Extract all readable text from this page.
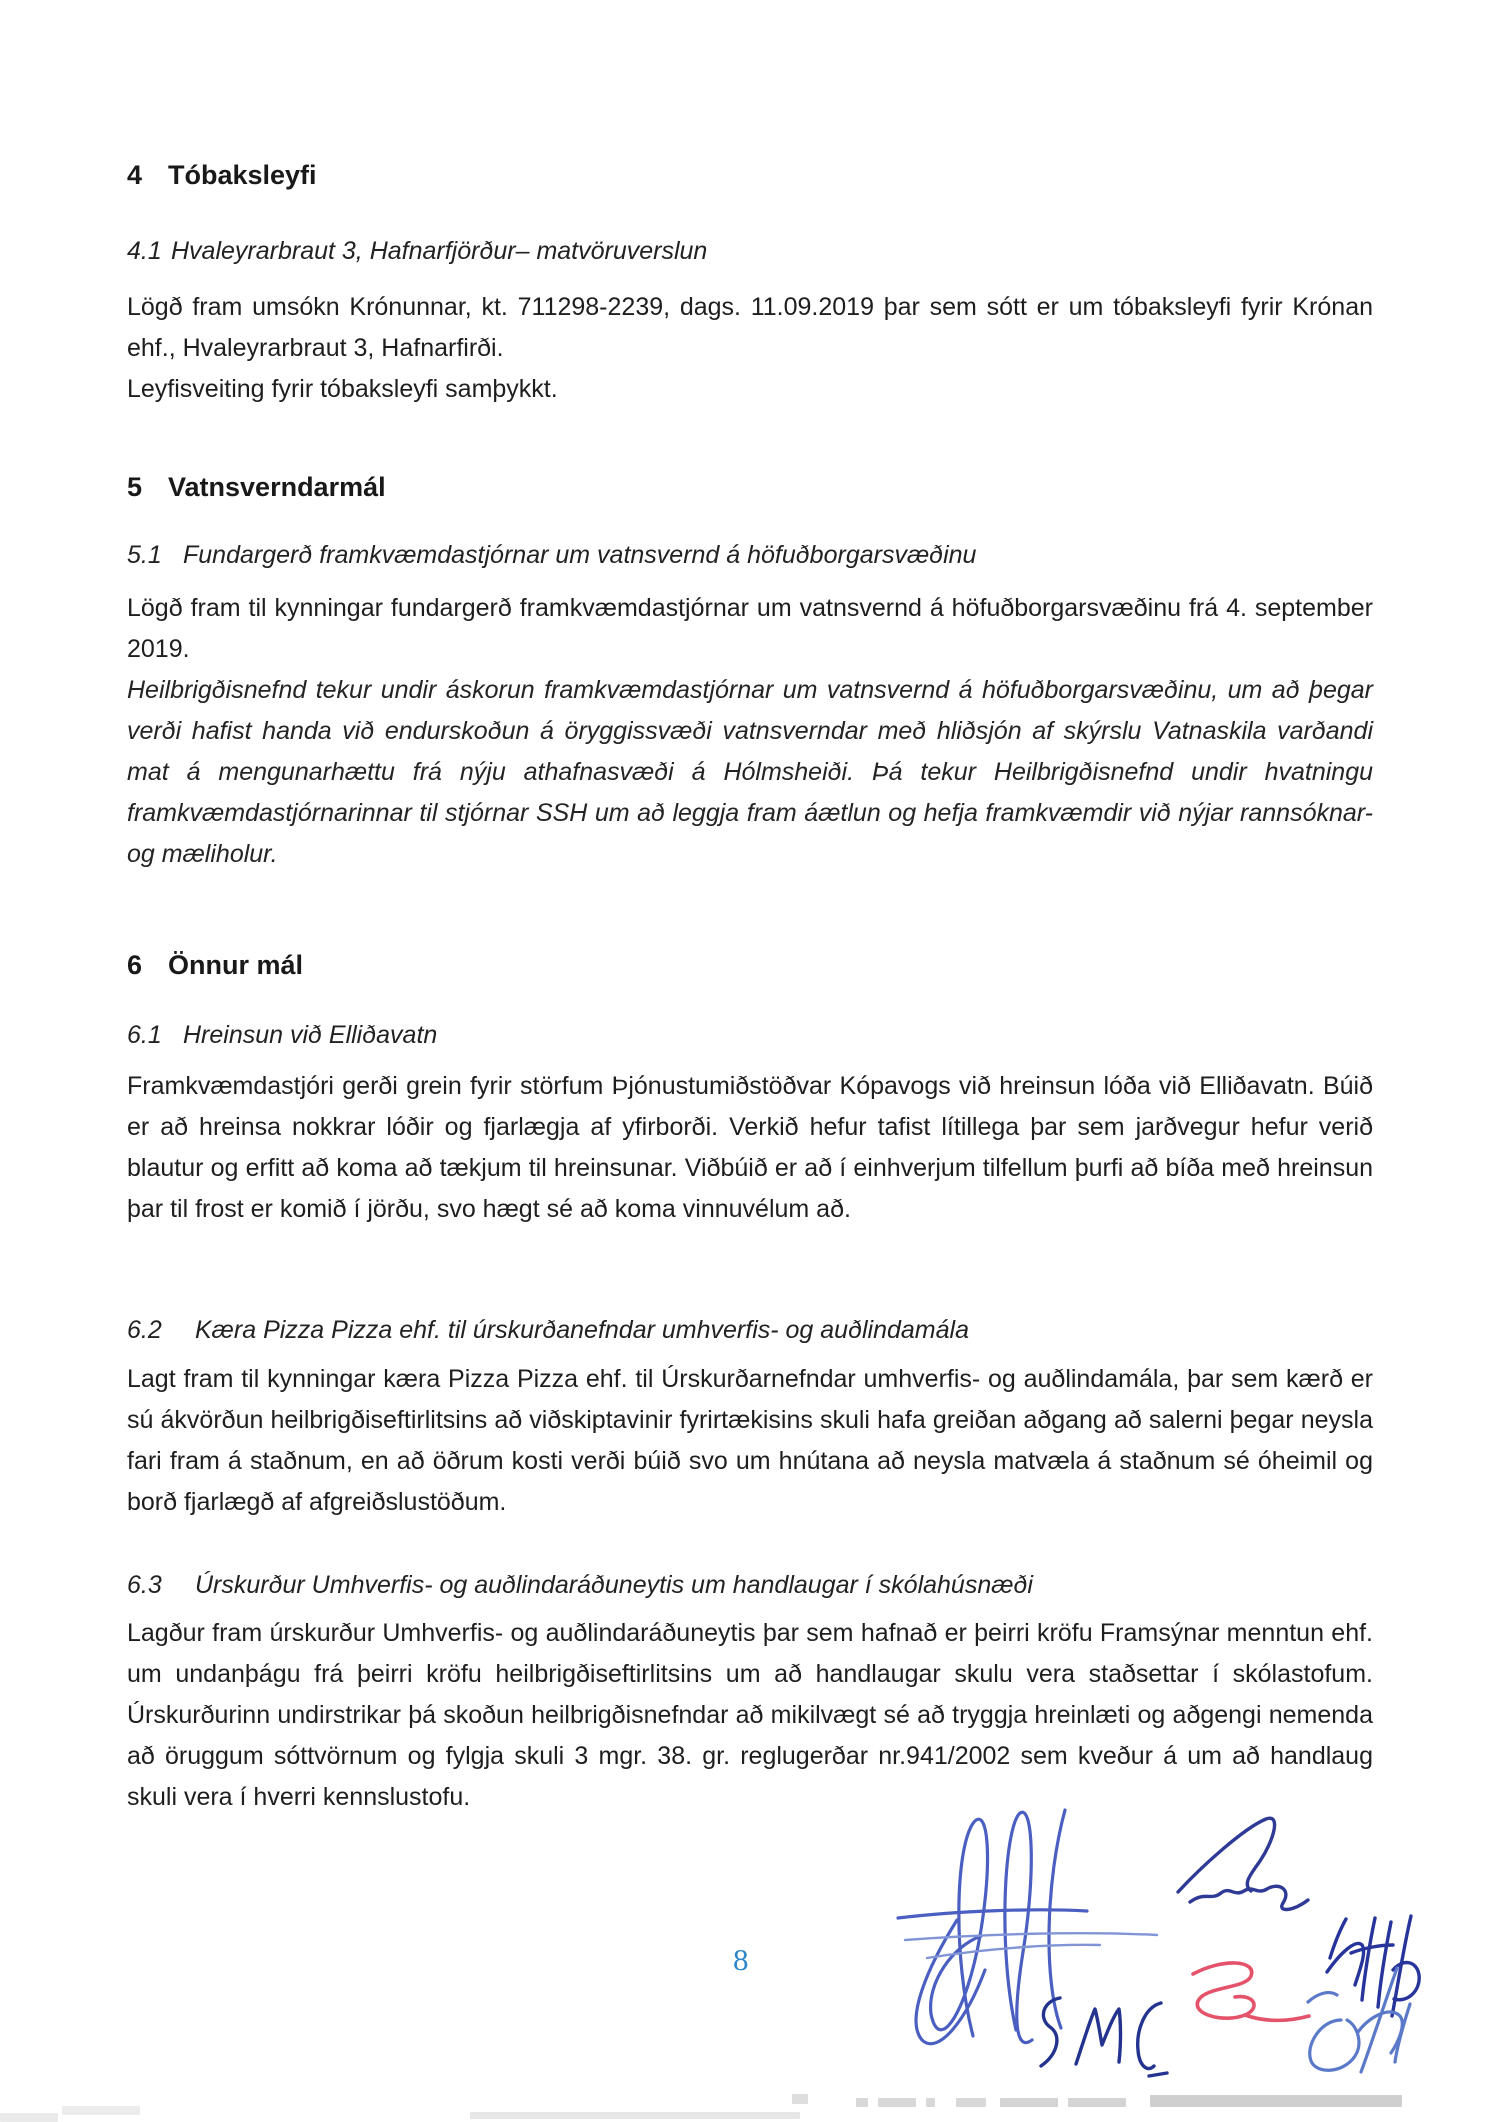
4 Tóbaksleyfi
4.1 Hvaleyrarbraut 3, Hafnarfjörður– matvöruverslun

Lögð fram umsókn Krónunnar, kt. 711298-2239, dags. 11.09.2019 þar sem sótt er um tóbaksleyfi fyrir Krónan ehf., Hvaleyrarbraut 3, Hafnarfirði.

Leyfisveiting fyrir tóbaksleyfi samþykkt.

5 Vatnsverndarmál
5.1 Fundargerð framkvæmdastjórnar um vatnsvernd á höfuðborgarsvæðinu

Lögð fram til kynningar fundargerð framkvæmdastjórnar um vatnsvernd á höfuðborgarsvæðinu frá 4. september 2019.

Heilbrigðisnefnd tekur undir áskorun framkvæmdastjórnar um vatnsvernd á höfuðborgarsvæðinu, um að þegar verði hafist handa við endurskoðun á öryggissvæði vatnsverndar með hliðsjón af skýrslu Vatnaskila varðandi mat á mengunarhættu frá nýju athafnasvæði á Hólmsheiði. Þá tekur Heilbrigðisnefnd undir hvatningu framkvæmdastjórnarinnar til stjórnar SSH um að leggja fram áætlun og hefja framkvæmdir við nýjar rannsóknar- og mæliholur.

6 Önnur mál
6.1 Hreinsun við Elliðavatn

Framkvæmdastjóri gerði grein fyrir störfum Þjónustumiðstöðvar Kópavogs við hreinsun lóða við Elliðavatn. Búið er að hreinsa nokkrar lóðir og fjarlægja af yfirborði. Verkið hefur tafist lítillega þar sem jarðvegur hefur verið blautur og erfitt að koma að tækjum til hreinsunar. Viðbúið er að í einhverjum tilfellum þurfi að bíða með hreinsun þar til frost er komið í jörðu, svo hægt sé að koma vinnuvélum að.

6.2	Kæra Pizza Pizza ehf. til úrskurðanefndar umhverfis- og auðlindamála

Lagt fram til kynningar kæra Pizza Pizza ehf. til Úrskurðarnefndar umhverfis- og auðlindamála, þar sem kærð er sú ákvörðun heilbrigðiseftirlitsins að viðskiptavinir fyrirtækisins skuli hafa greiðan aðgang að salerni þegar neysla fari fram á staðnum, en að öðrum kosti verði búið svo um hnútana að neysla matvæla á staðnum sé óheimil og borð fjarlægð af afgreiðslustöðum.

6.3	Úrskurður Umhverfis- og auðlindaráðuneytis um handlaugar í skólahúsnæði

Lagður fram úrskurður Umhverfis- og auðlindaráðuneytis þar sem hafnað er þeirri kröfu Framsýnar menntun ehf. um undanþágu frá þeirri kröfu heilbrigðiseftirlitsins um að handlaugar skulu vera staðsettar í skólastofum. Úrskurðurinn undirstrikar þá skoðun heilbrigðisnefndar að mikilvægt sé að tryggja hreinlæti og aðgengi nemenda að öruggum sóttvörnum og fylgja skuli 3 mgr. 38. gr. reglugerðar nr.941/2002 sem kveður á um að handlaug skuli vera í hverri kennslustofu.

8
